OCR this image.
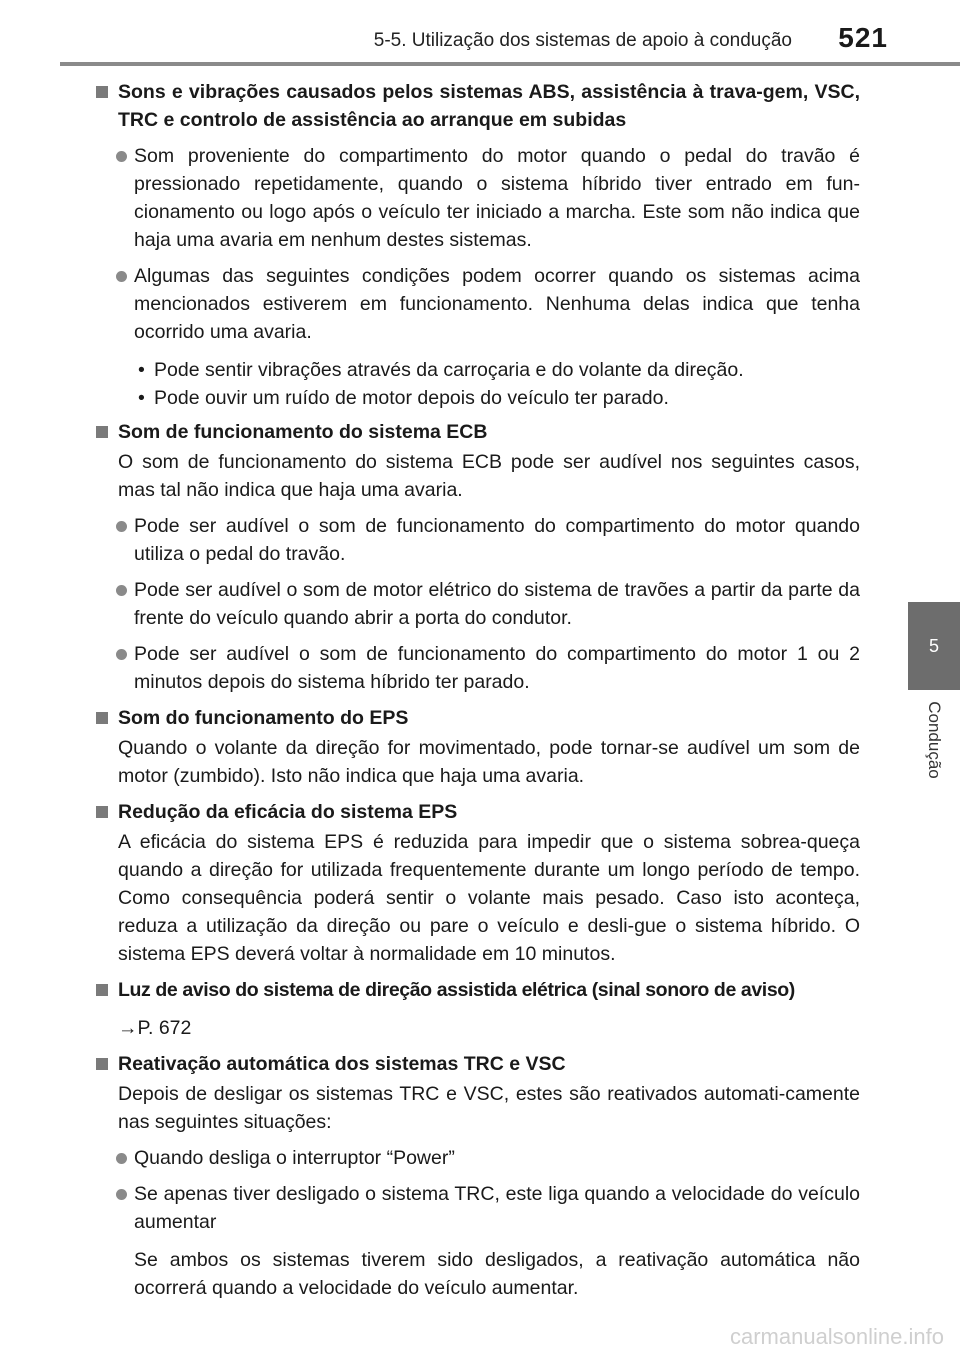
5-5. Utilização dos sistemas de apoio à condução 521
5
Condução
Sons e vibrações causados pelos sistemas ABS, assistência à trava-gem, VSC, TRC e controlo de assistência ao arranque em subidas
Som proveniente do compartimento do motor quando o pedal do travão é pressionado repetidamente, quando o sistema híbrido tiver entrado em fun-cionamento ou logo após o veículo ter iniciado a marcha. Este som não indica que haja uma avaria em nenhum destes sistemas.
Algumas das seguintes condições podem ocorrer quando os sistemas acima mencionados estiverem em funcionamento. Nenhuma delas indica que tenha ocorrido uma avaria.
• Pode sentir vibrações através da carroçaria e do volante da direção.
• Pode ouvir um ruído de motor depois do veículo ter parado.
Som de funcionamento do sistema ECB
O som de funcionamento do sistema ECB pode ser audível nos seguintes casos, mas tal não indica que haja uma avaria.
Pode ser audível o som de funcionamento do compartimento do motor quando utiliza o pedal do travão.
Pode ser audível o som de motor elétrico do sistema de travões a partir da parte da frente do veículo quando abrir a porta do condutor.
Pode ser audível o som de funcionamento do compartimento do motor 1 ou 2 minutos depois do sistema híbrido ter parado.
Som do funcionamento do EPS
Quando o volante da direção for movimentado, pode tornar-se audível um som de motor (zumbido). Isto não indica que haja uma avaria.
Redução da eficácia do sistema EPS
A eficácia do sistema EPS é reduzida para impedir que o sistema sobrea-queça quando a direção for utilizada frequentemente durante um longo período de tempo. Como consequência poderá sentir o volante mais pesado. Caso isto aconteça, reduza a utilização da direção ou pare o veículo e desli-gue o sistema híbrido. O sistema EPS deverá voltar à normalidade em 10 minutos.
Luz de aviso do sistema de direção assistida elétrica (sinal sonoro de aviso)
→P. 672
Reativação automática dos sistemas TRC e VSC
Depois de desligar os sistemas TRC e VSC, estes são reativados automati-camente nas seguintes situações:
Quando desliga o interruptor “Power”
Se apenas tiver desligado o sistema TRC, este liga quando a velocidade do veículo aumentar
Se ambos os sistemas tiverem sido desligados, a reativação automática não ocorrerá quando a velocidade do veículo aumentar.
carmanualsonline.info
